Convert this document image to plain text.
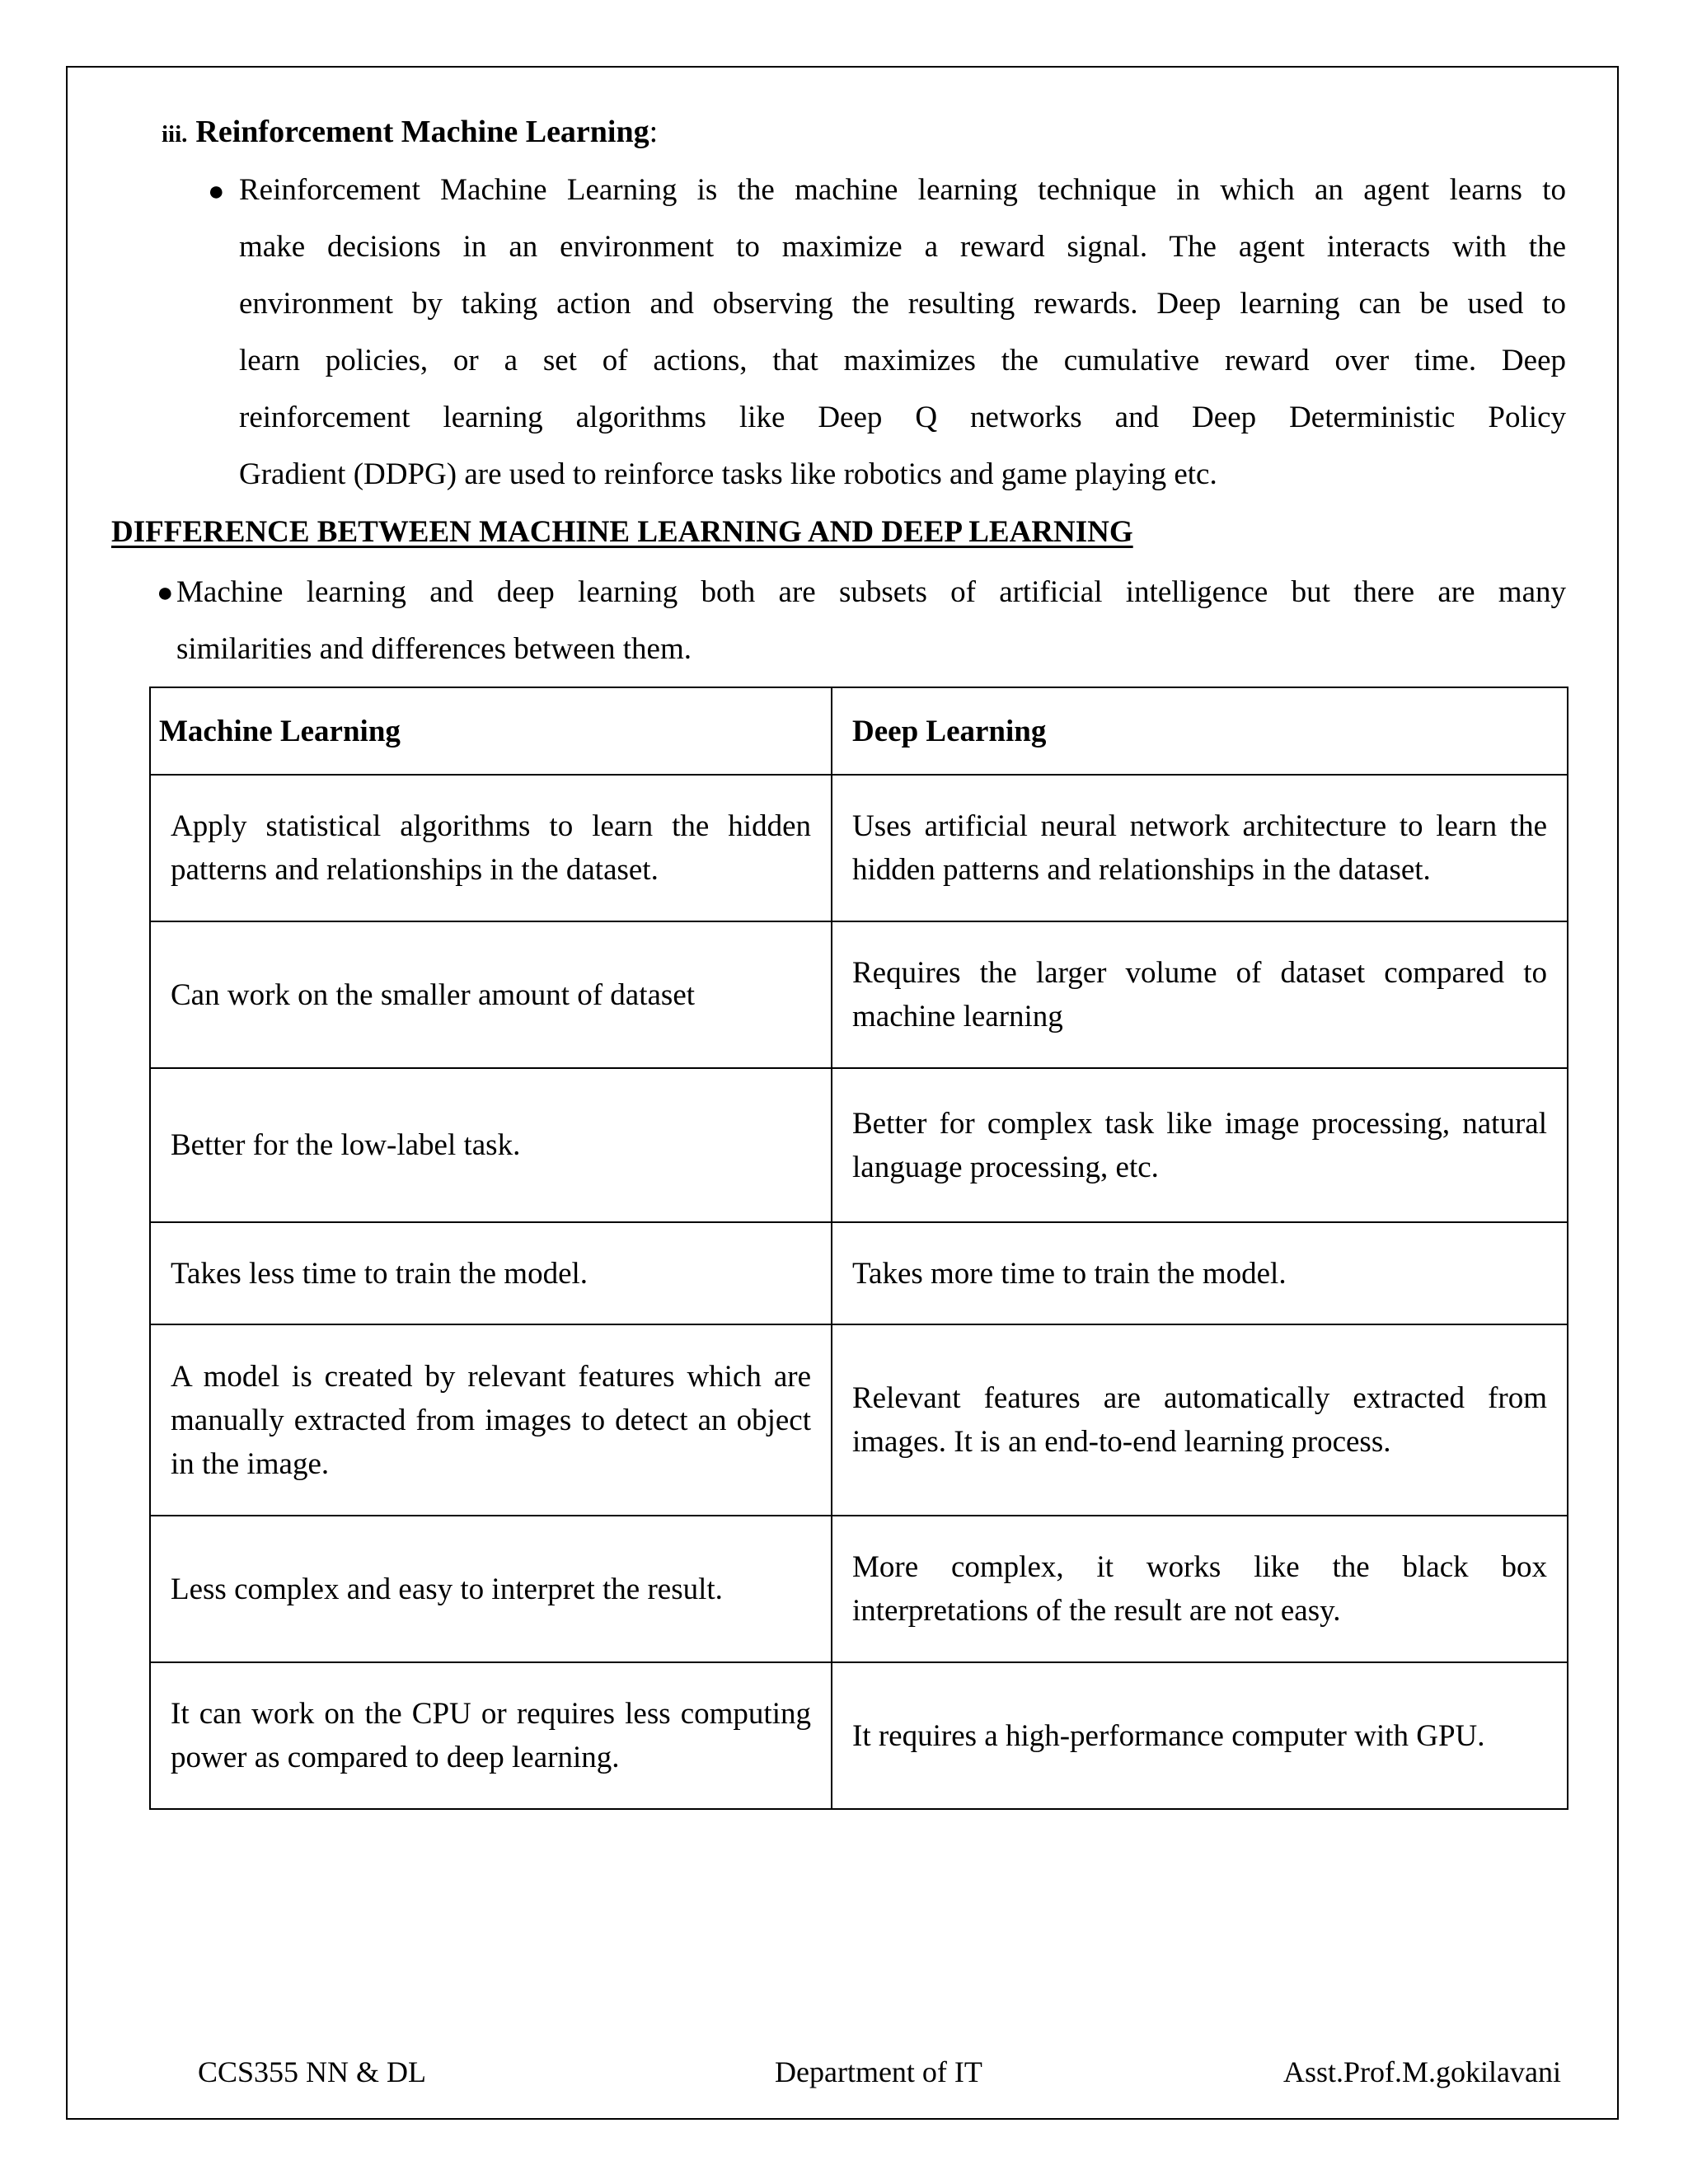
iii. Reinforcement Machine Learning:
● Reinforcement Machine Learning is the machine learning technique in which an agent learns to
make decisions in an environment to maximize a reward signal. The agent interacts with the
environment by taking action and observing the resulting rewards. Deep learning can be used to
learn policies, or a set of actions, that maximizes the cumulative reward over time. Deep
reinforcement learning algorithms like Deep Q networks and Deep Deterministic Policy
Gradient (DDPG) are used to reinforce tasks like robotics and game playing etc.
DIFFERENCE BETWEEN MACHINE LEARNING AND DEEP LEARNING
● Machine learning and deep learning both are subsets of artificial intelligence but there are many
similarities and differences between them.
Machine Learning	Deep Learning
Apply statistical algorithms to learn the hidden patterns and relationships in the dataset.	Uses artificial neural network architecture to learn the hidden patterns and relationships in the dataset.
Can work on the smaller amount of dataset	Requires the larger volume of dataset compared to machine learning
Better for the low-label task.	Better for complex task like image processing, natural language processing, etc.
Takes less time to train the model.	Takes more time to train the model.
A model is created by relevant features which are manually extracted from images to detect an object in the image.	Relevant features are automatically extracted from images. It is an end-to-end learning process.
Less complex and easy to interpret the result.	More complex, it works like the black box interpretations of the result are not easy.
It can work on the CPU or requires less computing power as compared to deep learning.	It requires a high-performance computer with GPU.
CCS355 NN & DL	Department of IT	Asst.Prof.M.gokilavani
